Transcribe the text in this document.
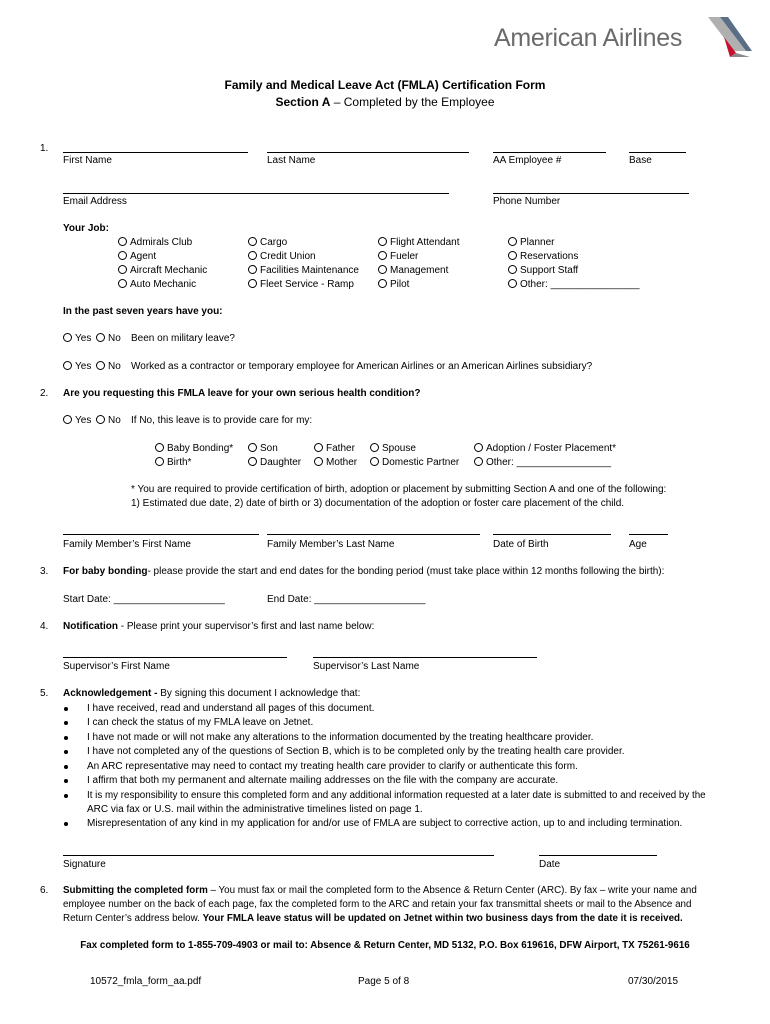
American Airlines
Family and Medical Leave Act (FMLA) Certification Form
Section A – Completed by the Employee
1.
First Name	Last Name	AA Employee #	Base
Email Address	Phone Number
Your Job:
Admirals Club
Agent
Aircraft Mechanic
Auto Mechanic
Cargo
Credit Union
Facilities Maintenance
Fleet Service - Ramp
Flight Attendant
Fueler
Management
Pilot
Planner
Reservations
Support Staff
Other: ________________
In the past seven years have you:
Yes	No Been on military leave?
Yes	No Worked as a contractor or temporary employee for American Airlines or an American Airlines subsidiary?
2. Are you requesting this FMLA leave for your own serious health condition?
Yes	No If No, this leave is to provide care for my:
Baby Bonding*
Birth*
Son
Daughter
Father
Mother
Spouse
Domestic Partner
Adoption / Foster Placement*
Other: _________________
* You are required to provide certification of birth, adoption or placement by submitting Section A and one of the following:
1) Estimated due date, 2) date of birth or 3) documentation of the adoption or foster care placement of the child.
Family Member’s First Name	Family Member’s Last Name	Date of Birth	Age
3. For baby bonding- please provide the start and end dates for the bonding period (must take place within 12 months following the birth):
Start Date: ____________________	End Date: ____________________
4. Notification - Please print your supervisor’s first and last name below:
Supervisor’s First Name	Supervisor’s Last Name
5. Acknowledgement - By signing this document I acknowledge that:
I have received, read and understand all pages of this document.
I can check the status of my FMLA leave on Jetnet.
I have not made or will not make any alterations to the information documented by the treating healthcare provider.
I have not completed any of the questions of Section B, which is to be completed only by the treating health care provider.
An ARC representative may need to contact my treating health care provider to clarify or authenticate this form.
I affirm that both my permanent and alternate mailing addresses on the file with the company are accurate.
It is my responsibility to ensure this completed form and any additional information requested at a later date is submitted to and received by the
ARC via fax or U.S. mail within the administrative timelines listed on page 1.
Misrepresentation of any kind in my application for and/or use of FMLA are subject to corrective action, up to and including termination.
Signature	Date
6. Submitting the completed form – You must fax or mail the completed form to the Absence & Return Center (ARC). By fax – write your name and
employee number on the back of each page, fax the completed form to the ARC and retain your fax transmittal sheets or mail to the Absence and
Return Center’s address below. Your FMLA leave status will be updated on Jetnet within two business days from the date it is received.
Fax completed form to 1-855-709-4903 or mail to: Absence & Return Center, MD 5132, P.O. Box 619616, DFW Airport, TX 75261-9616
10572_fmla_form_aa.pdf	Page 5 of 8	07/30/2015
